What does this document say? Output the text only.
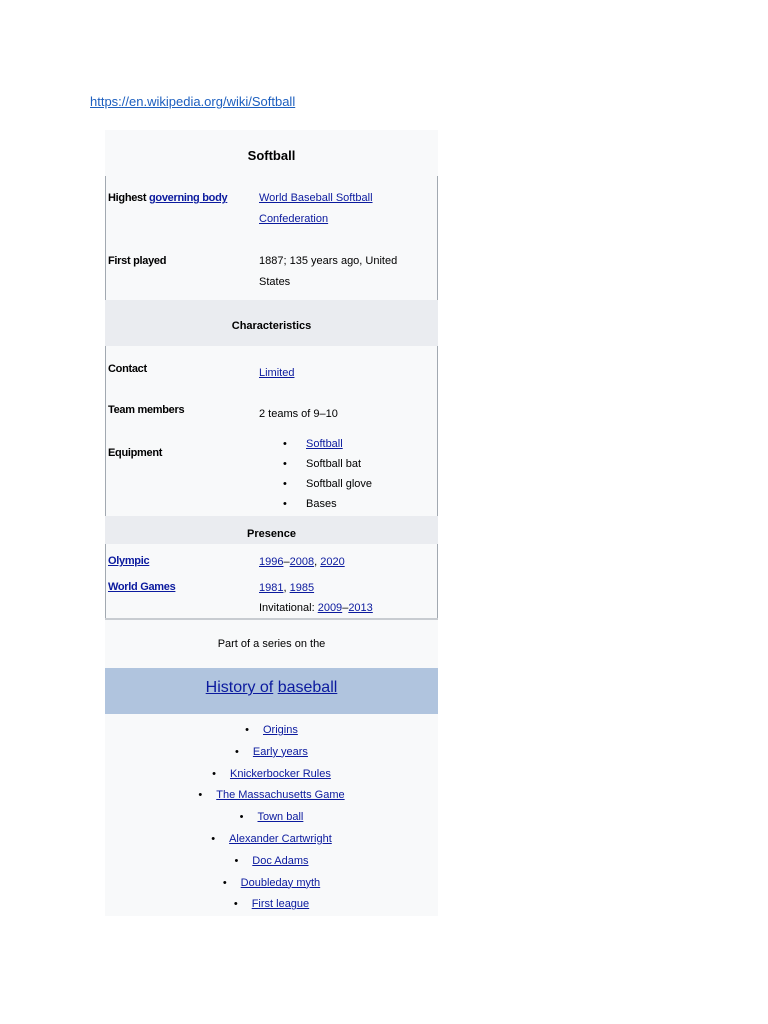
https://en.wikipedia.org/wiki/Softball
Softball
Highest governing body	World Baseball Softball
Confederation
First played	1887; 135 years ago, United
States
Characteristics
Contact	Limited
Team members	2 teams of 9–10
Equipment
• Softball
• Softball bat
• Softball glove
• Bases
Presence
Olympic	1996–2008, 2020
World Games	1981, 1985
Invitational: 2009–2013
Part of a series on the
History of baseball
• Origins
• Early years
• Knickerbocker Rules
• The Massachusetts Game
• Town ball
• Alexander Cartwright
• Doc Adams
• Doubleday myth
• First league
